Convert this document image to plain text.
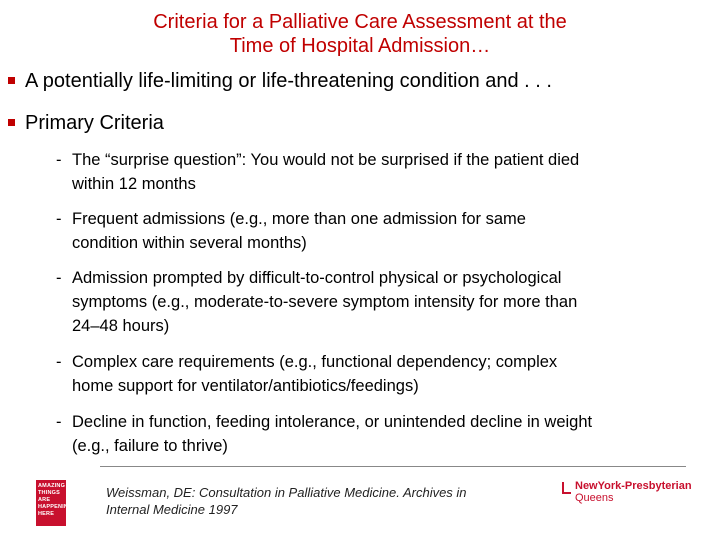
Criteria for a Palliative Care Assessment at the
Time of Hospital Admission…
A potentially life-limiting or life-threatening condition and . . .
Primary Criteria
- The “surprise question”: You would not be surprised if the patient died
within 12 months
- Frequent admissions (e.g., more than one admission for same
condition within several months)
- Admission prompted by difficult-to-control physical or psychological
symptoms (e.g., moderate-to-severe symptom intensity for more than
24–48 hours)
- Complex care requirements (e.g., functional dependency; complex
home support for ventilator/antibiotics/feedings)
- Decline in function, feeding intolerance, or unintended decline in weight
(e.g., failure to thrive)
AMAZING THINGS ARE HAPPENING HERE
Weissman, DE: Consultation in Palliative Medicine. Archives in
Internal Medicine 1997
NewYork-Presbyterian
Queens
